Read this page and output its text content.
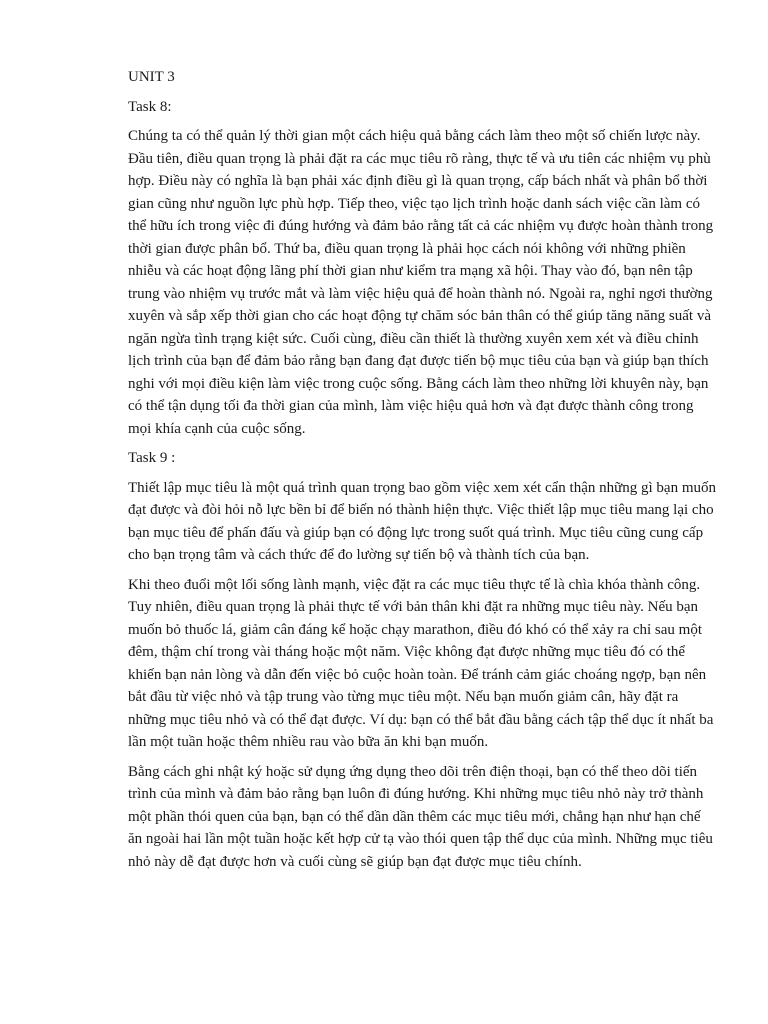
UNIT 3
Task 8:

Chúng ta có thể quản lý thời gian một cách hiệu quả bằng cách làm theo một số chiến lược này. Đầu tiên, điều quan trọng là phải đặt ra các mục tiêu rõ ràng, thực tế và ưu tiên các nhiệm vụ phù hợp. Điều này có nghĩa là bạn phải xác định điều gì là quan trọng, cấp bách nhất và phân bổ thời gian cũng như nguồn lực phù hợp. Tiếp theo, việc tạo lịch trình hoặc danh sách việc cần làm có thể hữu ích trong việc đi đúng hướng và đảm bảo rằng tất cả các nhiệm vụ được hoàn thành trong thời gian được phân bổ. Thứ ba, điều quan trọng là phải học cách nói không với những phiền nhiễu và các hoạt động lãng phí thời gian như kiểm tra mạng xã hội. Thay vào đó, bạn nên tập trung vào nhiệm vụ trước mắt và làm việc hiệu quả để hoàn thành nó. Ngoài ra, nghỉ ngơi thường xuyên và sắp xếp thời gian cho các hoạt động tự chăm sóc bản thân có thể giúp tăng năng suất và ngăn ngừa tình trạng kiệt sức. Cuối cùng, điều cần thiết là thường xuyên xem xét và điều chỉnh lịch trình của bạn để đảm bảo rằng bạn đang đạt được tiến bộ mục tiêu của bạn và giúp bạn thích nghi với mọi điều kiện làm việc trong cuộc sống. Bằng cách làm theo những lời khuyên này, bạn có thể tận dụng tối đa thời gian của mình, làm việc hiệu quả hơn và đạt được thành công trong mọi khía cạnh của cuộc sống.

Task 9 :

Thiết lập mục tiêu là một quá trình quan trọng bao gồm việc xem xét cẩn thận những gì bạn muốn đạt được và đòi hỏi nỗ lực bền bỉ để biến nó thành hiện thực. Việc thiết lập mục tiêu mang lại cho bạn mục tiêu để phấn đấu và giúp bạn có động lực trong suốt quá trình. Mục tiêu cũng cung cấp cho bạn trọng tâm và cách thức để đo lường sự tiến bộ và thành tích của bạn.

Khi theo đuổi một lối sống lành mạnh, việc đặt ra các mục tiêu thực tế là chìa khóa thành công. Tuy nhiên, điều quan trọng là phải thực tế với bản thân khi đặt ra những mục tiêu này. Nếu bạn muốn bỏ thuốc lá, giảm cân đáng kể hoặc chạy marathon, điều đó khó có thể xảy ra chỉ sau một đêm, thậm chí trong vài tháng hoặc một năm. Việc không đạt được những mục tiêu đó có thể khiến bạn nản lòng và dẫn đến việc bỏ cuộc hoàn toàn. Để tránh cảm giác choáng ngợp, bạn nên bắt đầu từ việc nhỏ và tập trung vào từng mục tiêu một. Nếu bạn muốn giảm cân, hãy đặt ra những mục tiêu nhỏ và có thể đạt được. Ví dụ: bạn có thể bắt đầu bằng cách tập thể dục ít nhất ba lần một tuần hoặc thêm nhiều rau vào bữa ăn khi bạn muốn.

Bằng cách ghi nhật ký hoặc sử dụng ứng dụng theo dõi trên điện thoại, bạn có thể theo dõi tiến trình của mình và đảm bảo rằng bạn luôn đi đúng hướng. Khi những mục tiêu nhỏ này trở thành một phần thói quen của bạn, bạn có thể dần dần thêm các mục tiêu mới, chẳng hạn như hạn chế ăn ngoài hai lần một tuần hoặc kết hợp cử tạ vào thói quen tập thể dục của mình. Những mục tiêu nhỏ này dễ đạt được hơn và cuối cùng sẽ giúp bạn đạt được mục tiêu chính.
